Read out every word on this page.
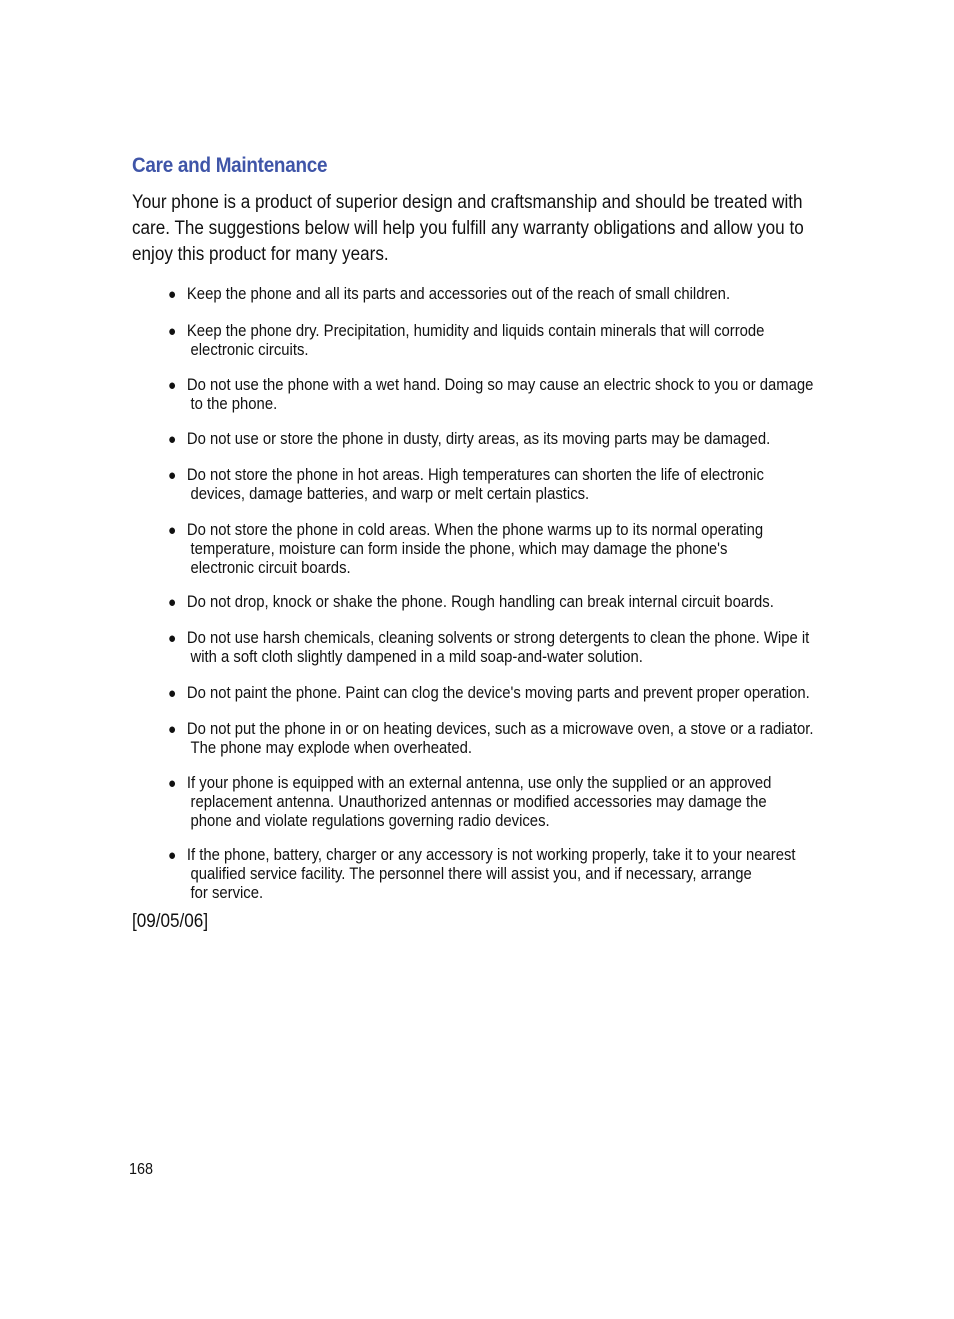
Care and Maintenance
Your phone is a product of superior design and craftsmanship and should be treated with care. The suggestions below will help you fulfill any warranty obligations and allow you to enjoy this product for many years.
● Keep the phone and all its parts and accessories out of the reach of small children.
● Keep the phone dry. Precipitation, humidity and liquids contain minerals that will corrode
electronic circuits.
● Do not use the phone with a wet hand. Doing so may cause an electric shock to you or damage
to the phone.
● Do not use or store the phone in dusty, dirty areas, as its moving parts may be damaged.
● Do not store the phone in hot areas. High temperatures can shorten the life of electronic
devices, damage batteries, and warp or melt certain plastics.
● Do not store the phone in cold areas. When the phone warms up to its normal operating
temperature, moisture can form inside the phone, which may damage the phone's electronic circuit boards.
● Do not drop, knock or shake the phone. Rough handling can break internal circuit boards.
● Do not use harsh chemicals, cleaning solvents or strong detergents to clean the phone. Wipe it
with a soft cloth slightly dampened in a mild soap-and-water solution.
● Do not paint the phone. Paint can clog the device's moving parts and prevent proper operation.
● Do not put the phone in or on heating devices, such as a microwave oven, a stove or a radiator.
The phone may explode when overheated.
● If your phone is equipped with an external antenna, use only the supplied or an approved
replacement antenna. Unauthorized antennas or modified accessories may damage the phone and violate regulations governing radio devices.
● If the phone, battery, charger or any accessory is not working properly, take it to your nearest
qualified service facility. The personnel there will assist you, and if necessary, arrange for service.
[09/05/06]
168
